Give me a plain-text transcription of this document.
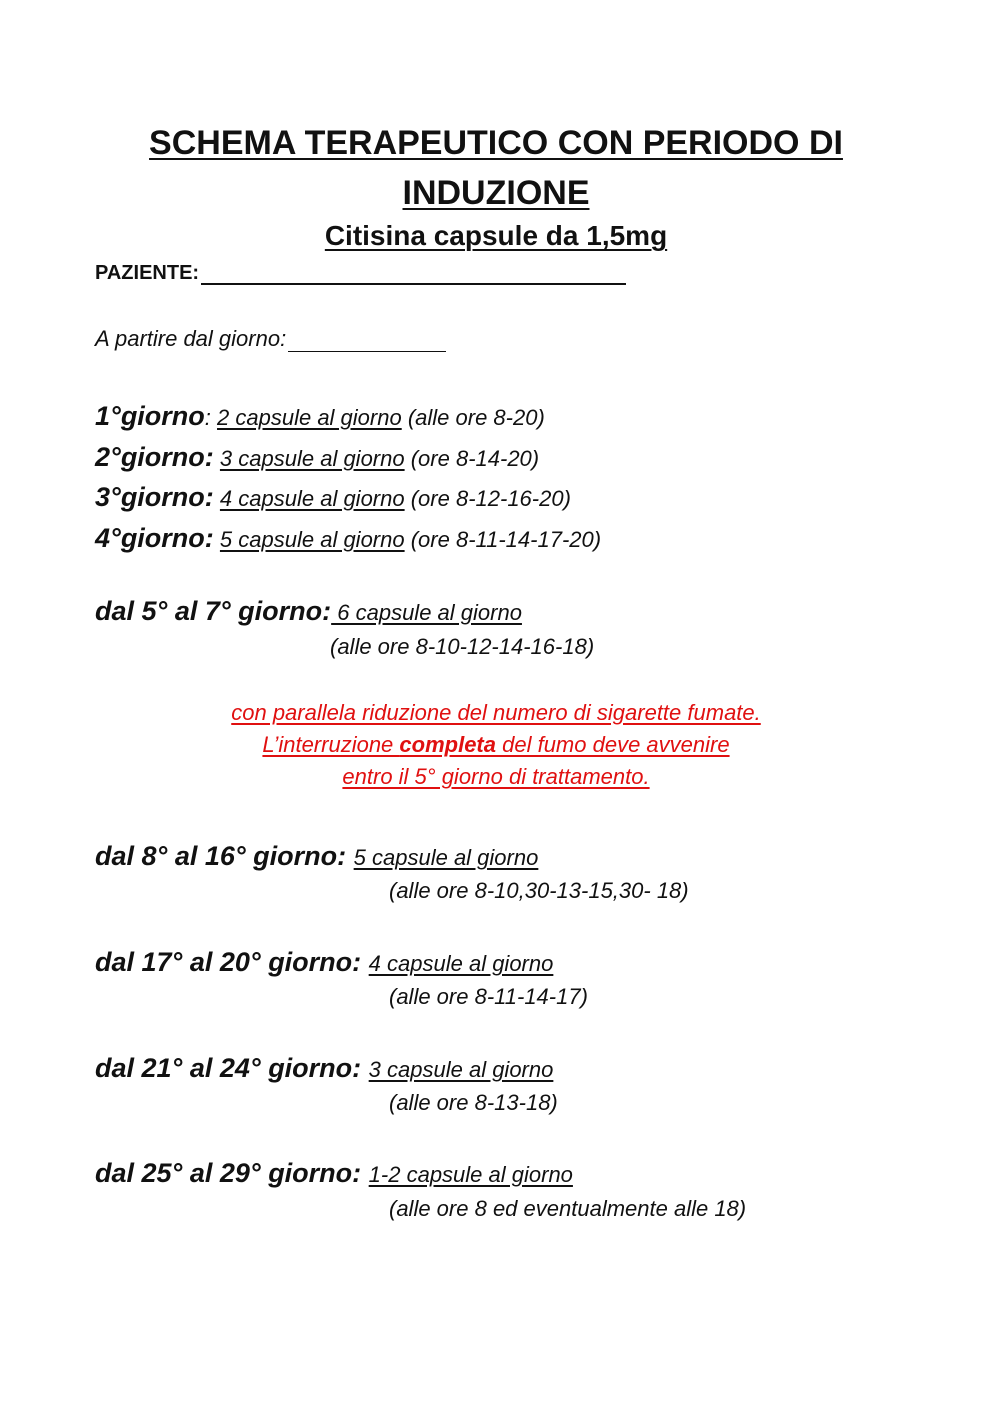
SCHEMA TERAPEUTICO CON PERIODO DI
INDUZIONE
Citisina capsule da 1,5mg
PAZIENTE:
A partire dal giorno:
1°giorno: 2 capsule al giorno (alle ore 8-20)
2°giorno: 3 capsule al giorno (ore 8-14-20)
3°giorno: 4 capsule al giorno (ore 8-12-16-20)
4°giorno: 5 capsule al giorno (ore 8-11-14-17-20)
dal 5° al 7° giorno: 6 capsule al giorno
(alle ore 8-10-12-14-16-18)
con parallela riduzione del numero di sigarette fumate.
L’interruzione completa del fumo deve avvenire
entro il 5° giorno di trattamento.
dal 8° al 16° giorno: 5 capsule al giorno
(alle ore 8-10,30-13-15,30- 18)
dal 17° al 20° giorno: 4 capsule al giorno
(alle ore 8-11-14-17)
dal 21° al 24° giorno: 3 capsule al giorno
(alle ore 8-13-18)
dal 25° al 29° giorno: 1-2 capsule al giorno
(alle ore 8 ed eventualmente alle 18)
